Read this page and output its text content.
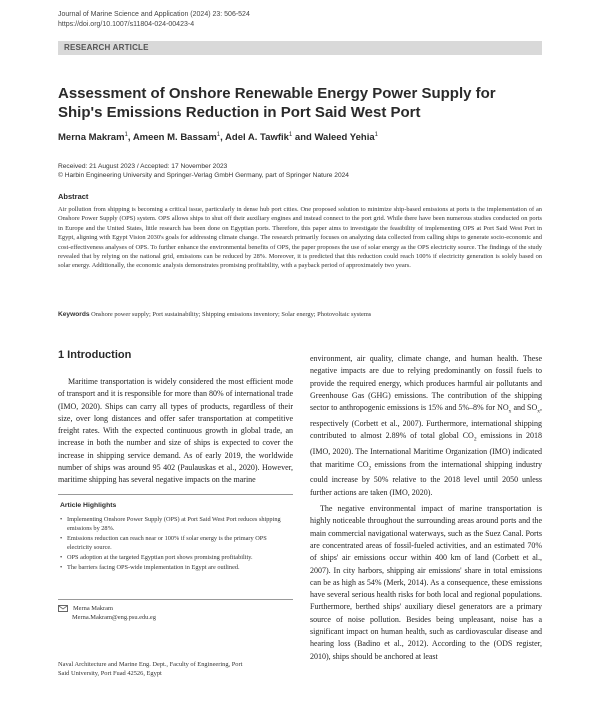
Journal of Marine Science and Application (2024) 23: 506-524
https://doi.org/10.1007/s11804-024-00423-4
RESEARCH ARTICLE
Assessment of Onshore Renewable Energy Power Supply for Ship's Emissions Reduction in Port Said West Port
Merna Makram$^1$, Ameen M. Bassam$^1$, Adel A. Tawfik$^1$ and Waleed Yehia$^1$
Received: 21 August 2023 / Accepted: 17 November 2023
© Harbin Engineering University and Springer-Verlag GmbH Germany, part of Springer Nature 2024
Abstract

Air pollution from shipping is becoming a critical issue, particularly in dense hub port cities. One proposed solution to minimize ship-based emissions at ports is the implementation of an Onshore Power Supply (OPS) system. OPS allows ships to shut off their auxiliary engines and instead connect to the port grid. While there have been numerous studies conducted on ports in Europe and the United States, little research has been done on Egyptian ports. Therefore, this paper aims to investigate the feasibility of implementing OPS at Port Said West Port in Egypt, aligning with Egypt Vision 2030's goals for addressing climate change. The research primarily focuses on analyzing data collected from calling ships to generate socio-economic and cost-effectiveness analyses of OPS. To further enhance the environmental benefits of OPS, the paper proposes the use of solar energy as the OPS electricity source. The findings of the study revealed that by relying on the national grid, emissions can be reduced by 28%. Moreover, it is predicted that this reduction could reach 100% if electricity generation is solely based on solar energy. Additionally, the economic analysis demonstrates promising profitability, with a payback period of approximately two years.

Keywords Onshore power supply; Port sustainability; Shipping emissions inventory; Solar energy; Photovoltaic systems
1 Introduction

Maritime transportation is widely considered the most efficient mode of transport and it is responsible for more than 80% of international trade (IMO, 2020). Ships can carry all types of products, regardless of their size, over long distances and offer safer transportation at competitive freight rates. With the expected continuous growth in global trade, an increase in both the number and size of ships is expected to cover the increase in shipping service demand. As of early 2019, the worldwide number of ships was around 95 402 (Paulauskas et al., 2020). However, maritime shipping has several negative impacts on the marine

environment, air quality, climate change, and human health. These negative impacts are due to relying predominantly on fossil fuels to provide the required energy, which produces harmful air pollutants and Greenhouse Gas (GHG) emissions. The contribution of the shipping sector to anthropogenic emissions is 15% and 5%–8% for $NO_x$ and $SO_x$, respectively (Corbett et al., 2007). Furthermore, international shipping contributed to almost 2.89% of total global $CO_2$ emissions in 2018 (IMO, 2020). The International Maritime Organization (IMO) indicated that maritime $CO_2$ emissions from the international shipping industry could increase by 50% relative to the 2018 level until 2050 unless further actions are taken (IMO, 2020).

The negative environmental impact of marine transportation is highly noticeable throughout the surrounding areas around ports and the main commercial navigational waterways, such as the Suez Canal. Ports are concentrated areas of fossil-fueled activities, and an estimated 70% of ships' air emissions occur within 400 km of land (Corbett et al., 2007). In city harbors, shipping air emissions' share in total emissions can be as high as 54% (Merk, 2014). As a consequence, these emissions have several serious health risks for both local and regional populations. Furthermore, berthed ships' auxiliary diesel generators are a primary source of noise pollution. Besides being unpleasant, noise has a significant impact on human health, such as cardiovascular disease and hearing loss (Badino et al., 2012). According to the (ODS register, 2010), ships should be anchored at least

Article Highlights
• Implementing Onshore Power Supply (OPS) at Port Said West Port reduces shipping emissions by 28%.
• Emissions reduction can reach near or 100% if solar energy is the primary OPS electricity source.
• OPS adoption at the targeted Egyptian port shows promising profitability.
• The barriers facing OPS-wide implementation in Egypt are outlined.
Merna Makram
Merna.Makram@eng.psu.edu.eg
Naval Architecture and Marine Eng. Dept., Faculty of Engineering, Port
Said University, Port Fuad 42526, Egypt
